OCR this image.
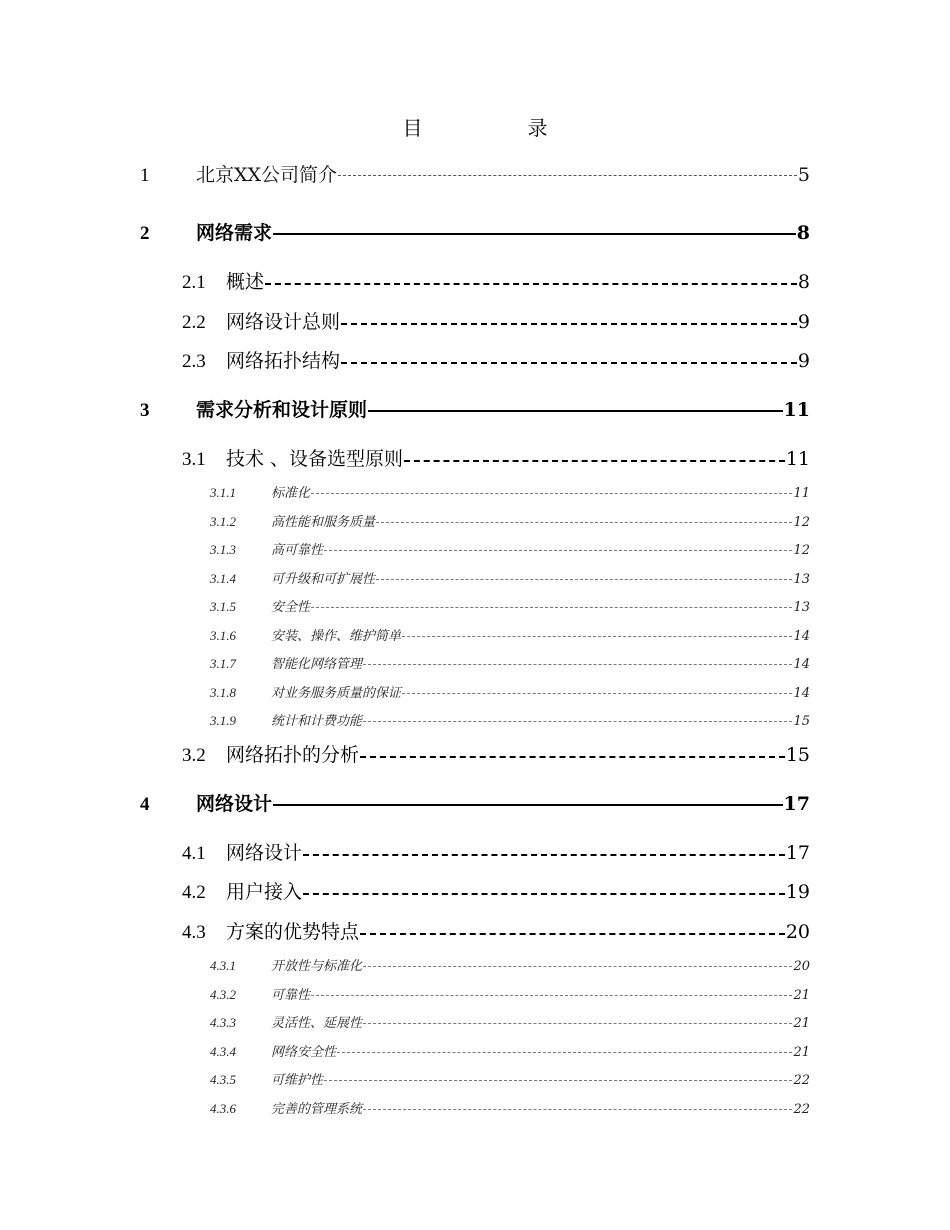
目	录
1	北京XX公司简介	5
2	网络需求	8
2.1	概述	8
2.2	网络设计总则	9
2.3	网络拓扑结构	9
3	需求分析和设计原则	11
3.1	技术 、设备选型原则	11
3.1.1	标准化	11
3.1.2	高性能和服务质量	12
3.1.3	高可靠性	12
3.1.4	可升级和可扩展性	13
3.1.5	安全性	13
3.1.6	安装、操作、维护简单	14
3.1.7	智能化网络管理	14
3.1.8	对业务服务质量的保证	14
3.1.9	统计和计费功能	15
3.2	网络拓扑的分析	15
4	网络设计	17
4.1	网络设计	17
4.2	用户接入	19
4.3	方案的优势特点	20
4.3.1	开放性与标准化	20
4.3.2	可靠性	21
4.3.3	灵活性、延展性	21
4.3.4	网络安全性	21
4.3.5	可维护性	22
4.3.6	完善的管理系统	22
